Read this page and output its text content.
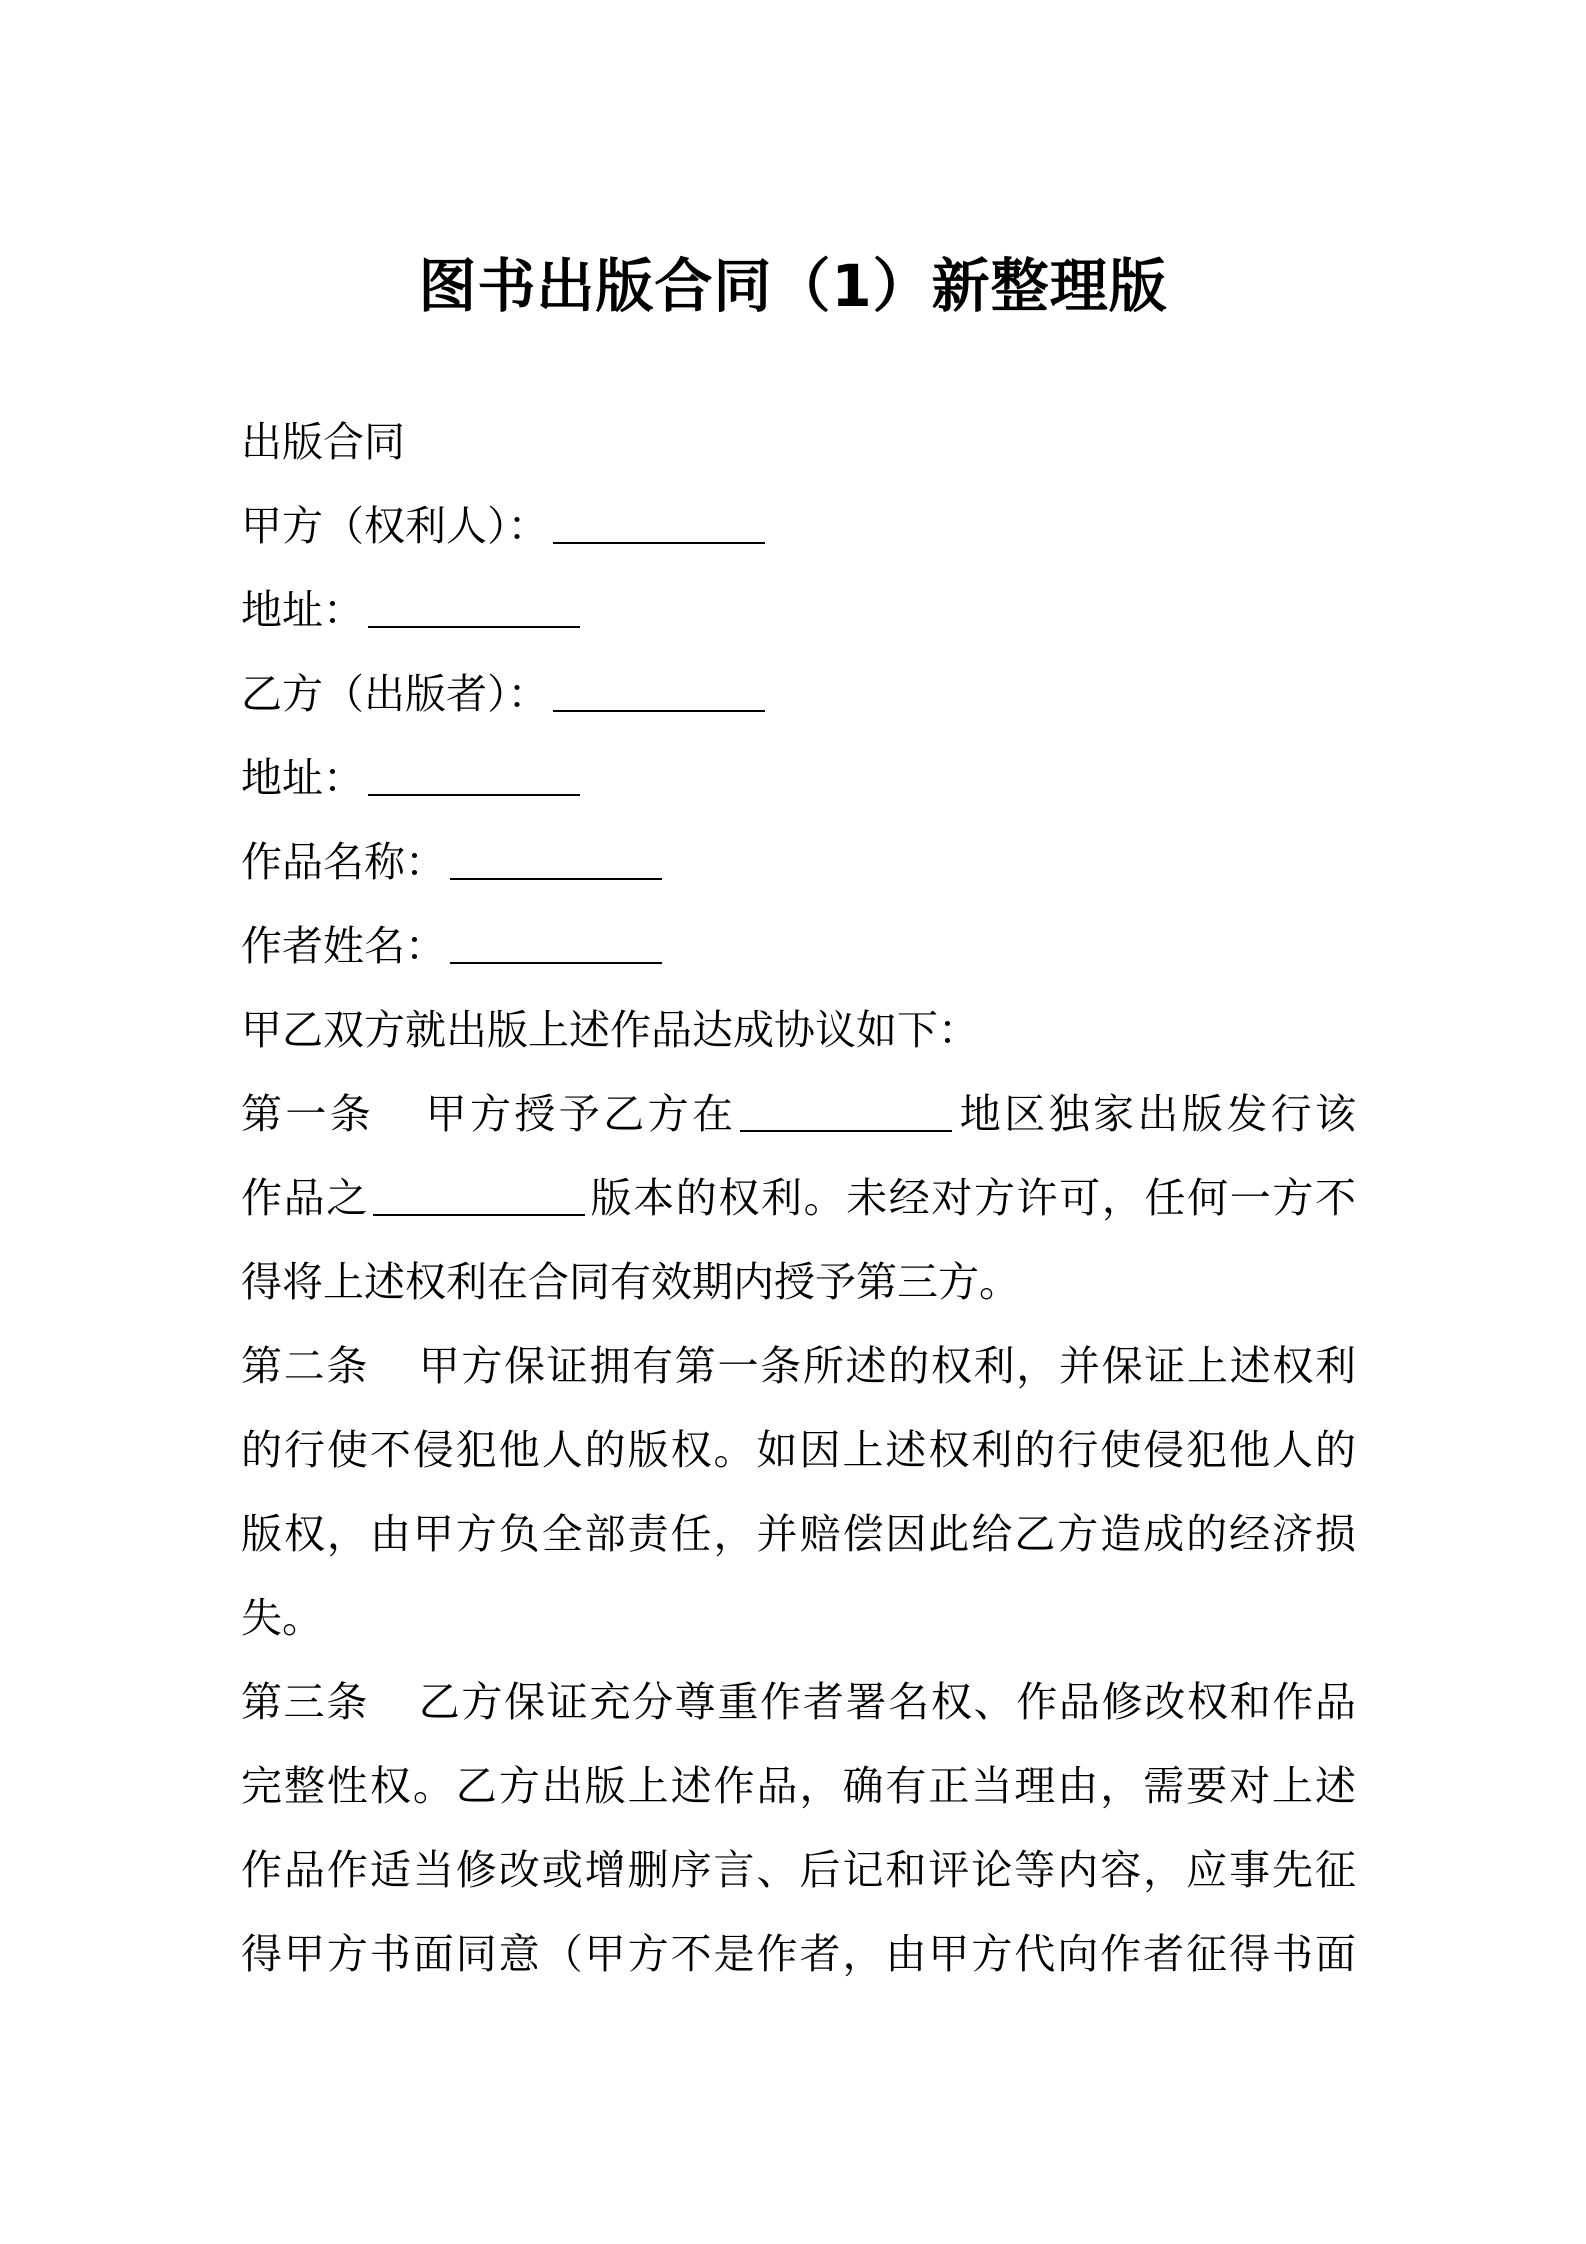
图书出版合同（1）新整理版
出版合同
甲方（权利人）：
地址：
乙方（出版者）：
地址：
作品名称：
作者姓名：
甲乙双方就出版上述作品达成协议如下：
第一条 甲方授予乙方在	地区独家出版发行该
作品之	版本的权利。未经对方许可，任何一方不
得将上述权利在合同有效期内授予第三方。
第二条 甲方保证拥有第一条所述的权利，并保证上述权利
的行使不侵犯他人的版权。如因上述权利的行使侵犯他人的
版权，由甲方负全部责任，并赔偿因此给乙方造成的经济损
失。
第三条 乙方保证充分尊重作者署名权、作品修改权和作品
完整性权。乙方出版上述作品，确有正当理由，需要对上述
作品作适当修改或增删序言、后记和评论等内容，应事先征
得甲方书面同意（甲方不是作者，由甲方代向作者征得书面
